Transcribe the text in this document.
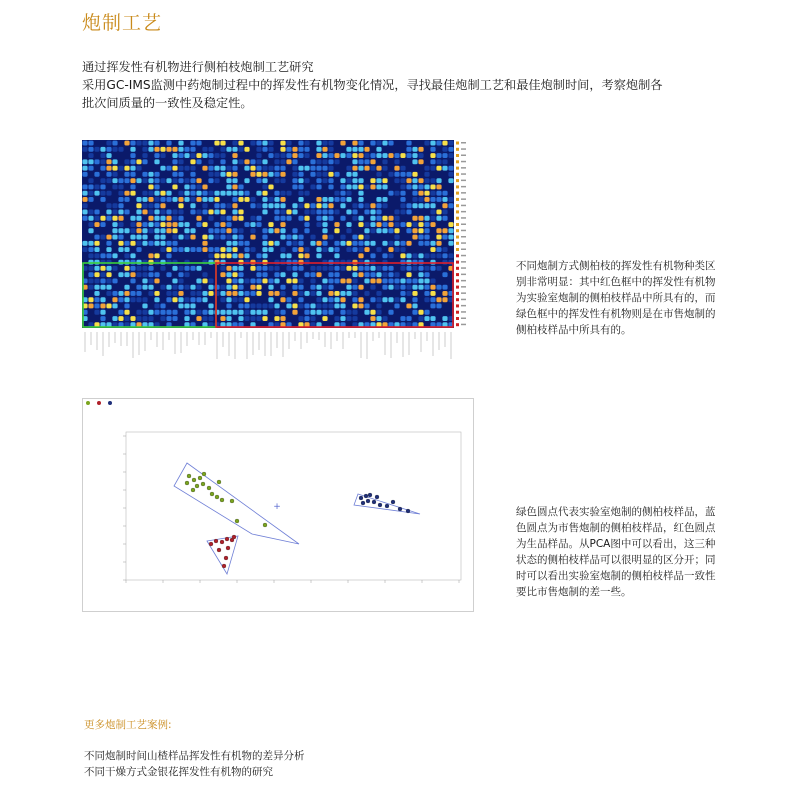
炮制工艺
通过挥发性有机物进行侧柏枝炮制工艺研究
采用GC-IMS监测中药炮制过程中的挥发性有机物变化情况，寻找最佳炮制工艺和最佳炮制时间，考察炮制各
批次间质量的一致性及稳定性。
不同炮制方式侧柏枝的挥发性有机物种类区
别非常明显：其中红色框中的挥发性有机物
为实验室炮制的侧柏枝样品中所具有的，而
绿色框中的挥发性有机物则是在市售炮制的
侧柏枝样品中所具有的。
+	绿色圆点代表实验室炮制的侧柏枝样品，蓝
色圆点为市售炮制的侧柏枝样品，红色圆点
为生品样品。从PCA图中可以看出，这三种
状态的侧柏枝样品可以很明显的区分开；同
时可以看出实验室炮制的侧柏枝样品一致性
要比市售炮制的差一些。
更多炮制工艺案例:
不同炮制时间山楂样品挥发性有机物的差异分析
不同干燥方式金银花挥发性有机物的研究
